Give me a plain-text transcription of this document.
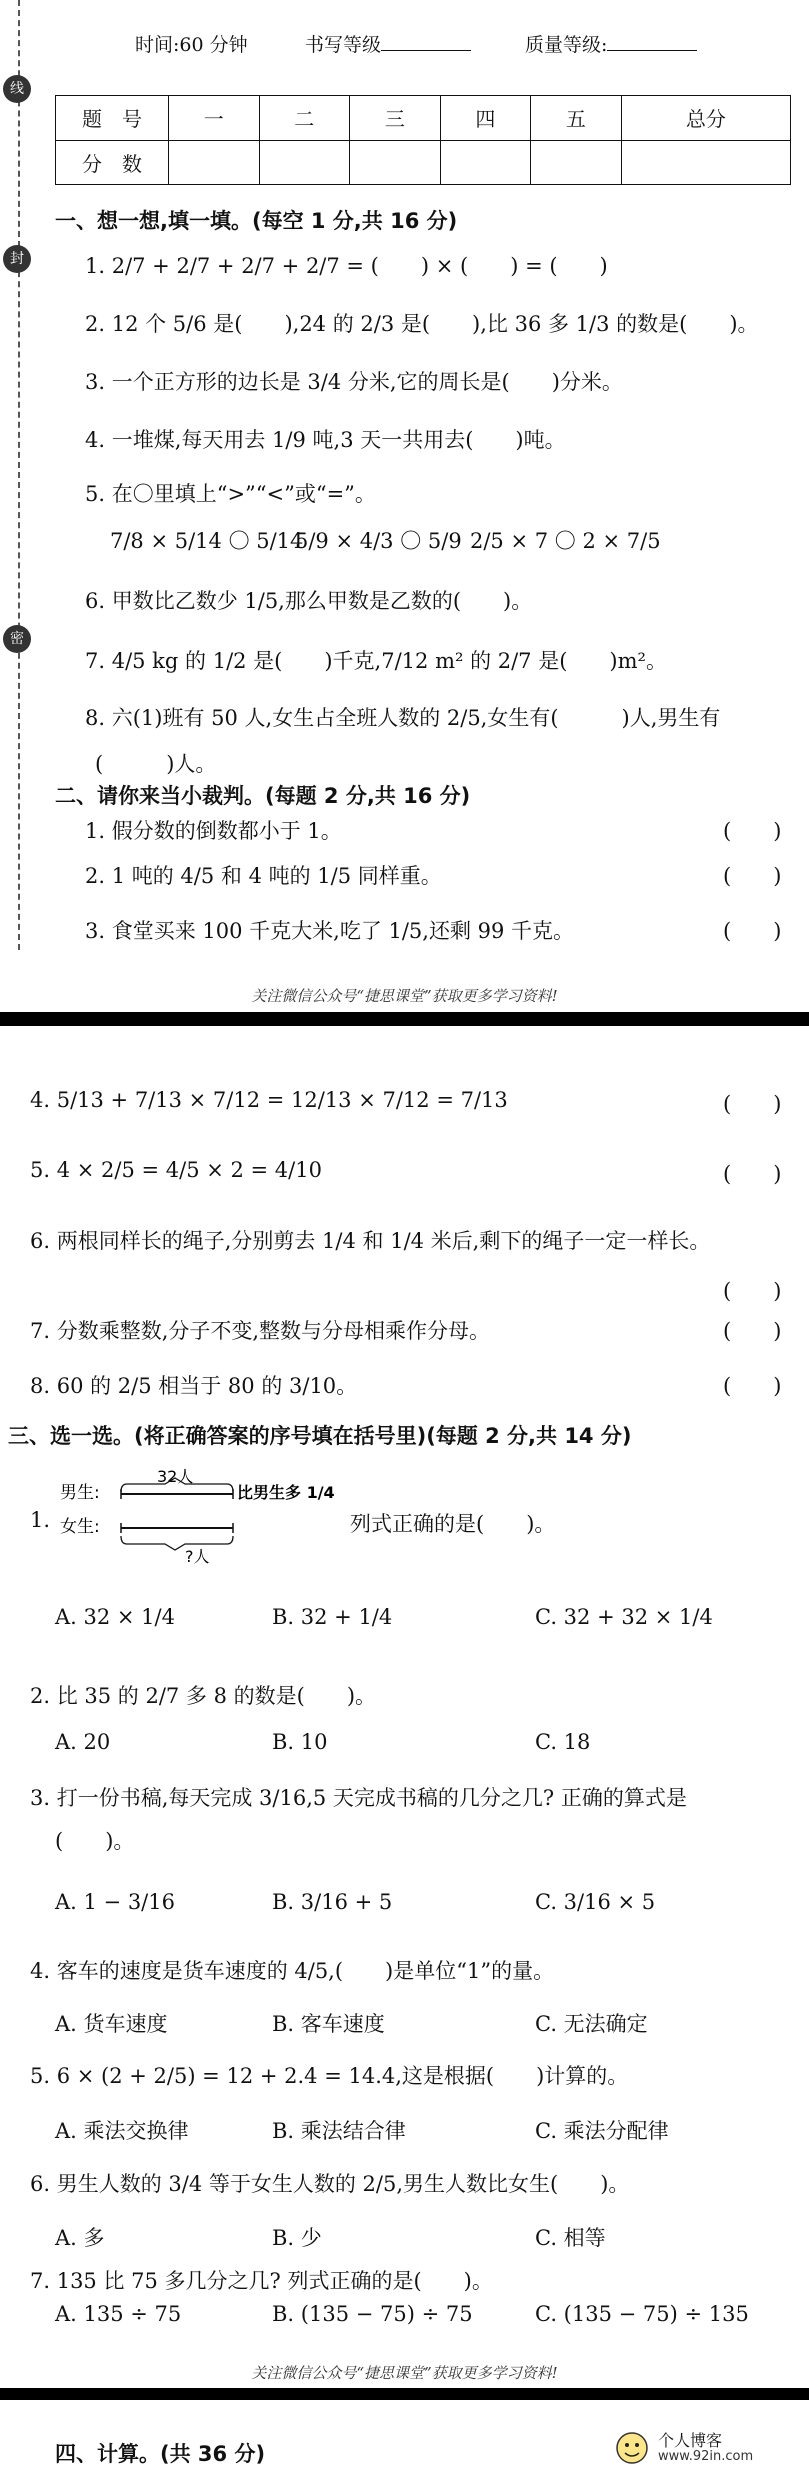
线
封
密
时间:60 分钟	书写等级	质量等级:
题　号	一	二	三	四	五	总分
分　数						
一、想一想,填一填。(每空 1 分,共 16 分)
1. 2/7 + 2/7 + 2/7 + 2/7 = (　　) × (　　) = (　　)
2. 12 个 5/6 是(　　),24 的 2/3 是(　　),比 36 多 1/3 的数是(　　)。
3. 一个正方形的边长是 3/4 分米,它的周长是(　　)分米。
4. 一堆煤,每天用去 1/9 吨,3 天一共用去(　　)吨。
5. 在〇里填上“>”“<”或“=”。
7/8 × 5/14 〇 5/14
5/9 × 4/3 〇 5/9 2/5 × 7 〇 2 × 7/5
6. 甲数比乙数少 1/5,那么甲数是乙数的(　　)。
7. 4/5 kg 的 1/2 是(　　)千克,7/12 m² 的 2/7 是(　　)m²。
8. 六(1)班有 50 人,女生占全班人数的 2/5,女生有(　　　)人,男生有
(　　　)人。
二、请你来当小裁判。(每题 2 分,共 16 分)
1. 假分数的倒数都小于 1。	(　　)
2. 1 吨的 4/5 和 4 吨的 1/5 同样重。	(　　)
3. 食堂买来 100 千克大米,吃了 1/5,还剩 99 千克。	(　　)
关注微信公众号“捷思课堂”获取更多学习资料!
4. 5/13 + 7/13 × 7/12 = 12/13 × 7/12 = 7/13	(　　)
5. 4 × 2/5 = 4/5 × 2 = 4/10	(　　)
6. 两根同样长的绳子,分别剪去 1/4 和 1/4 米后,剩下的绳子一定一样长。
(　　)
7. 分数乘整数,分子不变,整数与分母相乘作分母。	(　　)
8. 60 的 2/5 相当于 80 的 3/10。	(　　)
三、选一选。(将正确答案的序号填在括号里)(每题 2 分,共 14 分)
1.
男生:
女生:
32人
?人
比男生多 1/4
列式正确的是(　　)。
A. 32 × 1/4	B. 32 + 1/4	C. 32 + 32 × 1/4
2. 比 35 的 2/7 多 8 的数是(　　)。
A. 20	B. 10	C. 18
3. 打一份书稿,每天完成 3/16,5 天完成书稿的几分之几? 正确的算式是
(　　)。
A. 1 − 3/16	B. 3/16 + 5	C. 3/16 × 5
4. 客车的速度是货车速度的 4/5,(　　)是单位“1”的量。
A. 货车速度	B. 客车速度	C. 无法确定
5. 6 × (2 + 2/5) = 12 + 2.4 = 14.4,这是根据(　　)计算的。
A. 乘法交换律	B. 乘法结合律	C. 乘法分配律
6. 男生人数的 3/4 等于女生人数的 2/5,男生人数比女生(　　)。
A. 多	B. 少	C. 相等
7. 135 比 75 多几分之几? 列式正确的是(　　)。
A. 135 ÷ 75	B. (135 − 75) ÷ 75	C. (135 − 75) ÷ 135
关注微信公众号“捷思课堂”获取更多学习资料!
四、计算。(共 36 分)
个人博客
www.92in.com
